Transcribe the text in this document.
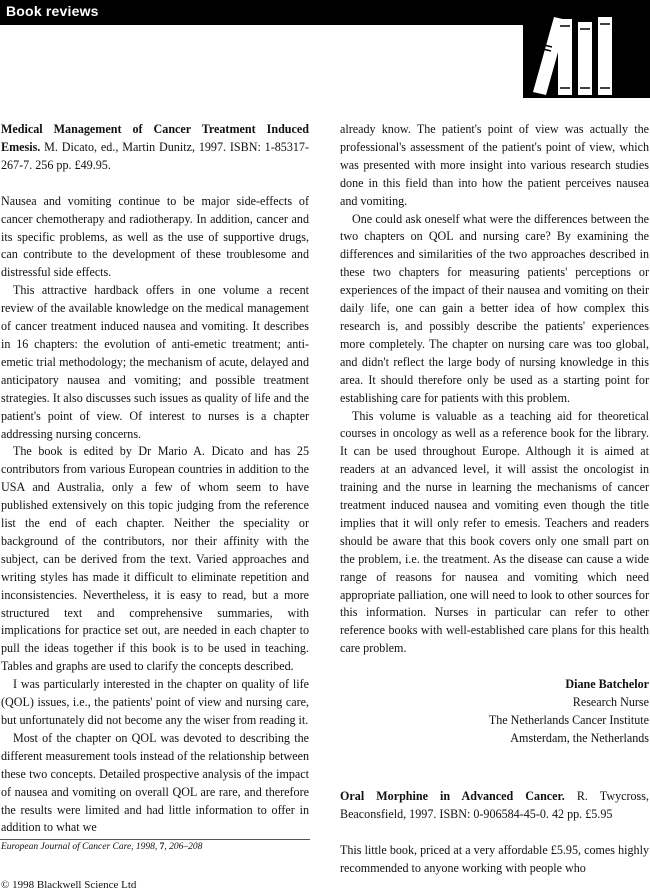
Book reviews

Medical Management of Cancer Treatment Induced Emesis. M. Dicato, ed., Martin Dunitz, 1997. ISBN: 1-85317-267-7. 256 pp. £49.95.

Nausea and vomiting continue to be major side-effects of cancer chemotherapy and radiotherapy. In addition, cancer and its specific problems, as well as the use of supportive drugs, can contribute to the development of these troublesome and distressful side effects.

This attractive hardback offers in one volume a recent review of the available knowledge on the medical management of cancer treatment induced nausea and vomiting. It describes in 16 chapters: the evolution of anti-emetic treatment; anti-emetic trial methodology; the mechanism of acute, delayed and anticipatory nausea and vomiting; and possible treatment strategies. It also discusses such issues as quality of life and the patient's point of view. Of interest to nurses is a chapter addressing nursing concerns.

The book is edited by Dr Mario A. Dicato and has 25 contributors from various European countries in addition to the USA and Australia, only a few of whom seem to have published extensively on this topic judging from the reference list the end of each chapter. Neither the speciality or background of the contributors, nor their affinity with the subject, can be derived from the text. Varied approaches and writing styles has made it difficult to eliminate repetition and inconsistencies. Nevertheless, it is easy to read, but a more structured text and comprehensive summaries, with implications for practice set out, are needed in each chapter to pull the ideas together if this book is to be used in teaching. Tables and graphs are used to clarify the concepts described.

I was particularly interested in the chapter on quality of life (QOL) issues, i.e., the patients' point of view and nursing care, but unfortunately did not become any the wiser from reading it.

Most of the chapter on QOL was devoted to describing the different measurement tools instead of the relationship between these two concepts. Detailed prospective analysis of the impact of nausea and vomiting on overall QOL are rare, and therefore the results were limited and had little information to offer in addition to what we

already know. The patient's point of view was actually the professional's assessment of the patient's point of view, which was presented with more insight into various research studies done in this field than into how the patient perceives nausea and vomiting.

One could ask oneself what were the differences between the two chapters on QOL and nursing care? By examining the differences and similarities of the two approaches described in these two chapters for measuring patients' perceptions or experiences of the impact of their nausea and vomiting on their daily life, one can gain a better idea of how complex this research is, and possibly describe the patients' experiences more completely. The chapter on nursing care was too global, and didn't reflect the large body of nursing knowledge in this area. It should therefore only be used as a starting point for establishing care for patients with this problem.

This volume is valuable as a teaching aid for theoretical courses in oncology as well as a reference book for the library. It can be used throughout Europe. Although it is aimed at readers at an advanced level, it will assist the oncologist in training and the nurse in learning the mechanisms of cancer treatment induced nausea and vomiting even though the title implies that it will only refer to emesis. Teachers and readers should be aware that this book covers only one small part on the problem, i.e. the treatment. As the disease can cause a wide range of reasons for nausea and vomiting which need appropriate palliation, one will need to look to other sources for this information. Nurses in particular can refer to other reference books with well-established care plans for this health care problem.

Diane Batchelor
Research Nurse
The Netherlands Cancer Institute
Amsterdam, the Netherlands

Oral Morphine in Advanced Cancer. R. Twycross, Beaconsfield, 1997. ISBN: 0-906584-45-0. 42 pp. £5.95

This little book, priced at a very affordable £5.95, comes highly recommended to anyone working with people who

European Journal of Cancer Care, 1998, 7, 206–208
© 1998 Blackwell Science Ltd
